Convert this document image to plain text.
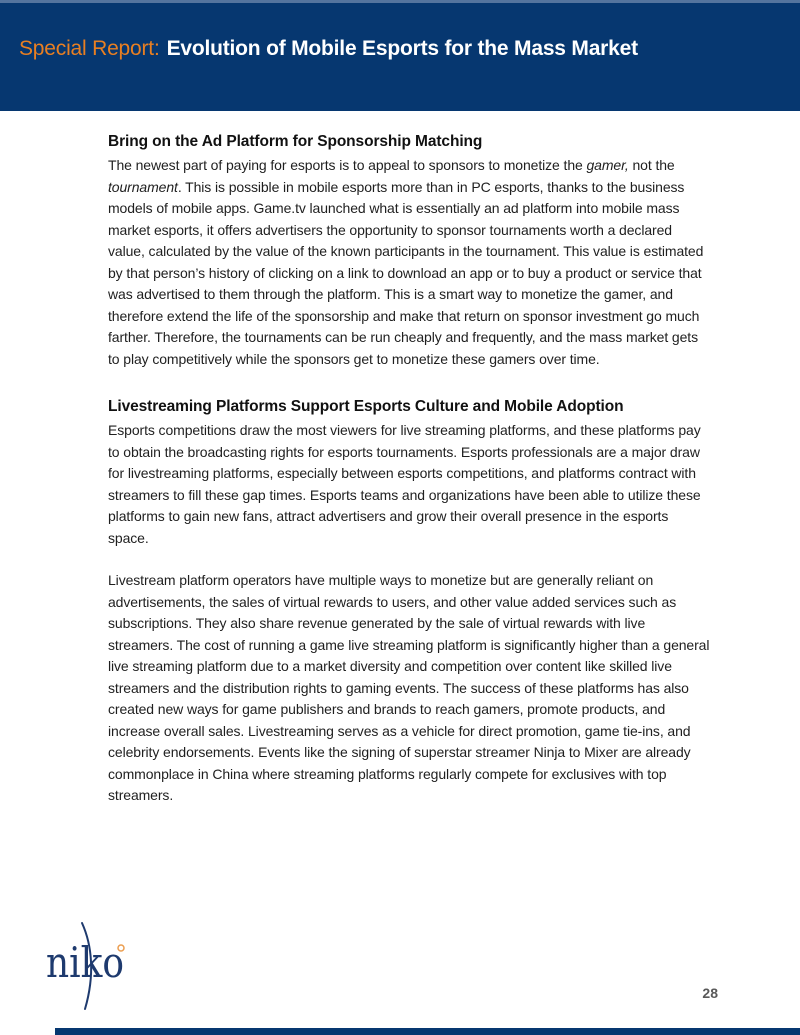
Special Report: Evolution of Mobile Esports for the Mass Market
Bring on the Ad Platform for Sponsorship Matching

The newest part of paying for esports is to appeal to sponsors to monetize the gamer, not the tournament. This is possible in mobile esports more than in PC esports, thanks to the business models of mobile apps. Game.tv launched what is essentially an ad platform into mobile mass market esports, it offers advertisers the opportunity to sponsor tournaments worth a declared value, calculated by the value of the known participants in the tournament. This value is estimated by that person’s history of clicking on a link to download an app or to buy a product or service that was advertised to them through the platform. This is a smart way to monetize the gamer, and therefore extend the life of the sponsorship and make that return on sponsor investment go much farther. Therefore, the tournaments can be run cheaply and frequently, and the mass market gets to play competitively while the sponsors get to monetize these gamers over time.

Livestreaming Platforms Support Esports Culture and Mobile Adoption

Esports competitions draw the most viewers for live streaming platforms, and these platforms pay to obtain the broadcasting rights for esports tournaments. Esports professionals are a major draw for livestreaming platforms, especially between esports competitions, and platforms contract with streamers to fill these gap times. Esports teams and organizations have been able to utilize these platforms to gain new fans, attract advertisers and grow their overall presence in the esports space.

Livestream platform operators have multiple ways to monetize but are generally reliant on advertisements, the sales of virtual rewards to users, and other value added services such as subscriptions. They also share revenue generated by the sale of virtual rewards with live streamers. The cost of running a game live streaming platform is significantly higher than a general live streaming platform due to a market diversity and competition over content like skilled live streamers and the distribution rights to gaming events. The success of these platforms has also created new ways for game publishers and brands to reach gamers, promote products, and increase overall sales. Livestreaming serves as a vehicle for direct promotion, game tie-ins, and celebrity endorsements. Events like the signing of superstar streamer Ninja to Mixer are already commonplace in China where streaming platforms regularly compete for exclusives with top streamers.

niko
28
